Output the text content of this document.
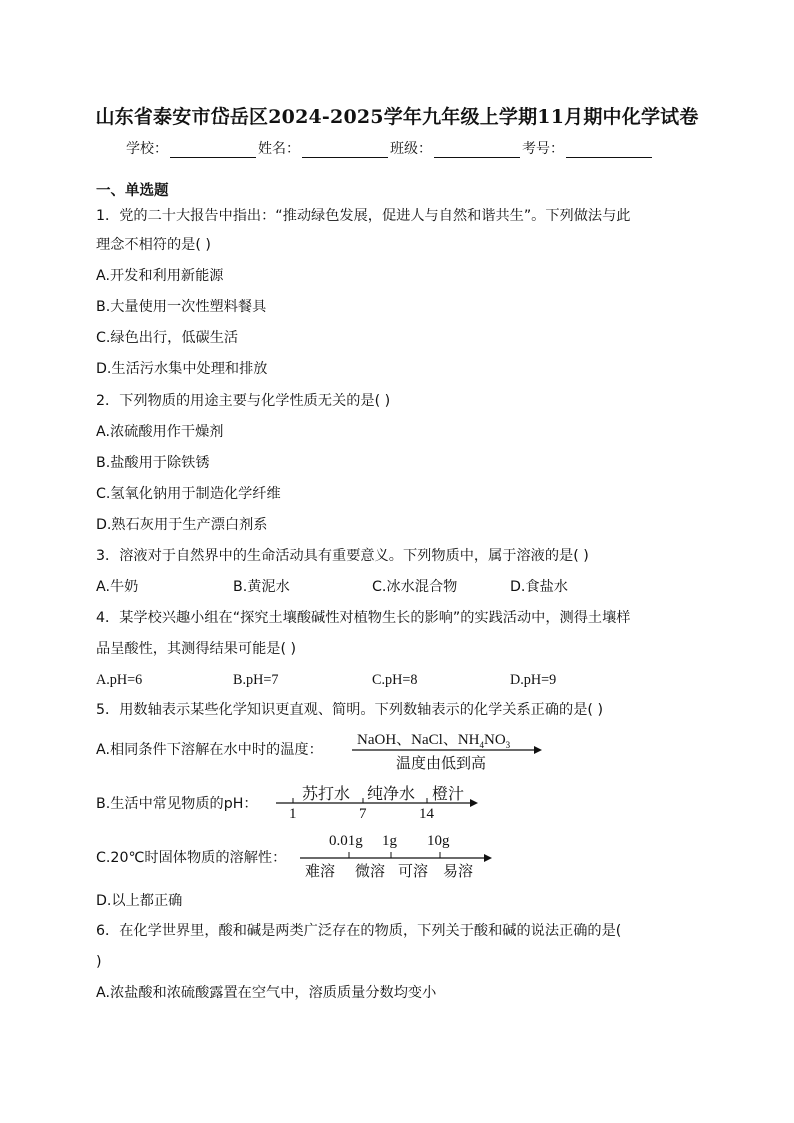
山东省泰安市岱岳区2024-2025学年九年级上学期11月期中化学试卷
学校：	姓名：	班级：	考号：
一、单选题
1．党的二十大报告中指出：“推动绿色发展，促进人与自然和谐共生”。下列做法与此
理念不相符的是( )
A.开发和利用新能源
B.大量使用一次性塑料餐具
C.绿色出行，低碳生活
D.生活污水集中处理和排放
2．下列物质的用途主要与化学性质无关的是( )
A.浓硫酸用作干燥剂
B.盐酸用于除铁锈
C.氢氧化钠用于制造化学纤维
D.熟石灰用于生产漂白剂系
3．溶液对于自然界中的生命活动具有重要意义。下列物质中，属于溶液的是( )
A.牛奶	B.黄泥水	C.冰水混合物	D.食盐水
4．某学校兴趣小组在“探究土壤酸碱性对植物生长的影响”的实践活动中，测得土壤样
品呈酸性，其测得结果可能是( )
A.pH=6	B.pH=7	C.pH=8	D.pH=9
5．用数轴表示某些化学知识更直观、简明。下列数轴表示的化学关系正确的是( )
A.相同条件下溶解在水中时的温度：
NaOH、NaCl、$NH_4NO_3$
温度由低到高
B.生活中常见物质的pH：
苏打水 纯净水 橙汁
1	7	14
C.20℃时固体物质的溶解性：
0.01g 1g 10g
难溶 微溶 可溶 易溶
D.以上都正确
6．在化学世界里，酸和碱是两类广泛存在的物质，下列关于酸和碱的说法正确的是(
)
A.浓盐酸和浓硫酸露置在空气中，溶质质量分数均变小
